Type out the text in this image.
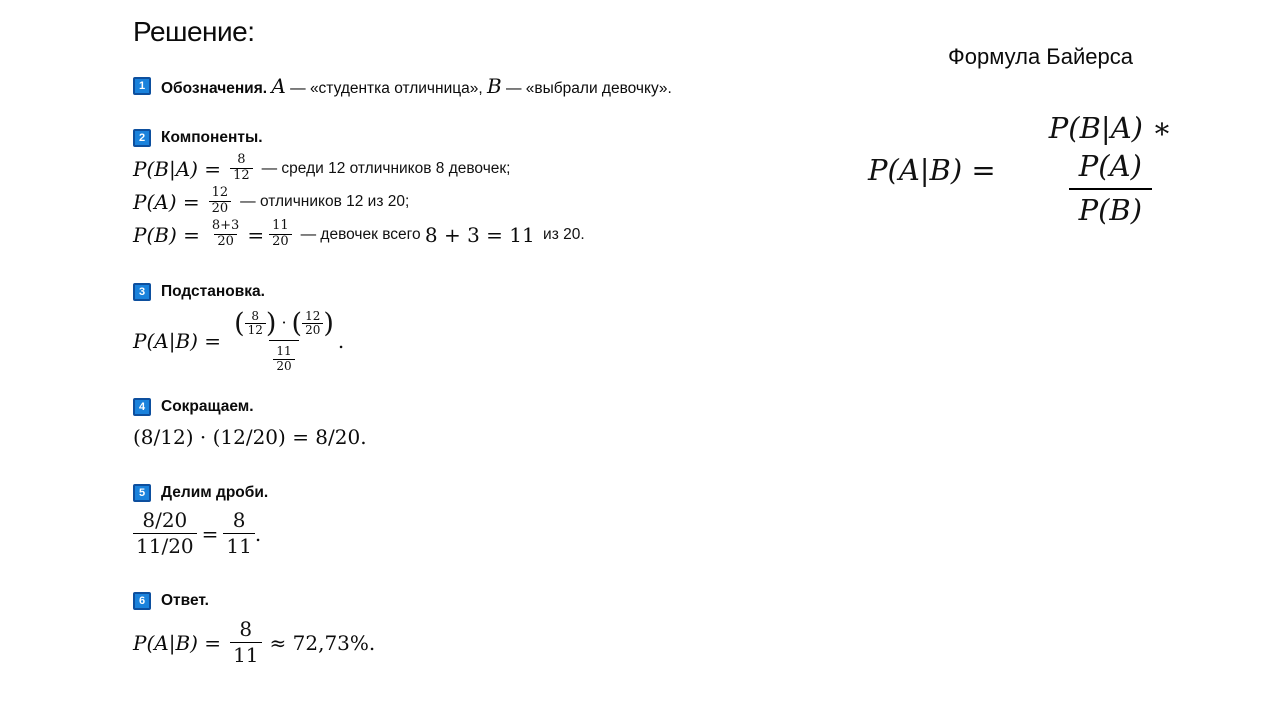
Решение:
1	Обозначения. A — «студентка отличница», B — «выбрали девочку».
2	Компоненты.
$P(B|A) = \frac{8}{12}$ — среди 12 отличников 8 девочек;
$P(A) = \frac{12}{20}$ — отличников 12 из 20;
$P(B) = \frac{8+3}{20} = \frac{11}{20}$ — девочек всего 8 + 3 = 11 из 20.
3	Подстановка.
P(A|B) =
( $\frac{8}{12}$ ) · ( $\frac{12}{20}$ )
$\frac{11}{20}$
.
4	Сокращаем.
(8/12) · (12/20) = 8/20.
5	Делим дроби.
$\frac{8/20}{11/20} = \frac{8}{11}$ .
6	Ответ.
$P(A|B) = \frac{8}{11} \approx 72,73\%$.
Формула Байерса
$P(A|B) = \frac{P(B|A) ∗ P(A)}{P(B)}$
